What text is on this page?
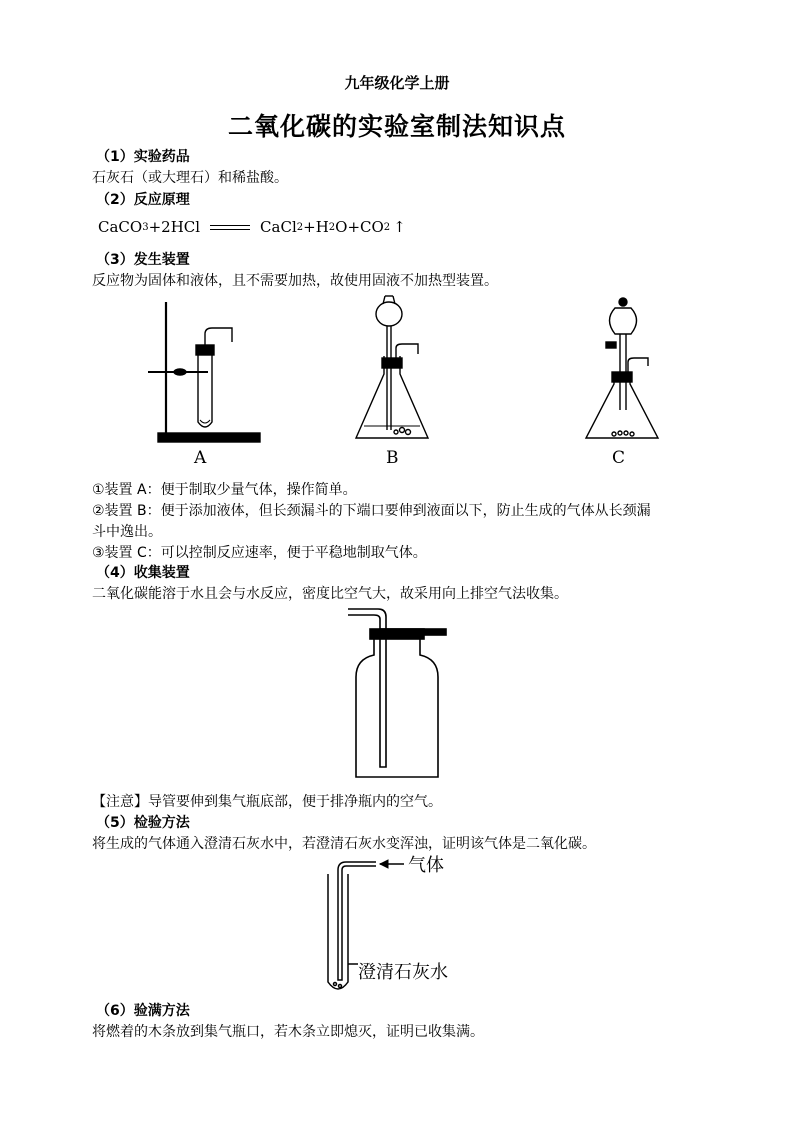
九年级化学上册
二氧化碳的实验室制法知识点
（1）实验药品
石灰石（或大理石）和稀盐酸。
（2）反应原理
CaCO 3 +2HCl	CaCl 2 +H 2 O+CO 2 ↑
（3）发生装置
反应物为固体和液体，且不需要加热，故使用固液不加热型装置。
A	B	C
①装置 A：便于制取少量气体，操作简单。
②装置 B：便于添加液体，但长颈漏斗的下端口要伸到液面以下，防止生成的气体从长颈漏
斗中逸出。
③装置 C：可以控制反应速率，便于平稳地制取气体。
（4）收集装置
二氧化碳能溶于水且会与水反应，密度比空气大，故采用向上排空气法收集。
【注意】导管要伸到集气瓶底部，便于排净瓶内的空气。
（5）检验方法
将生成的气体通入澄清石灰水中，若澄清石灰水变浑浊，证明该气体是二氧化碳。
气体
澄清石灰水
（6）验满方法
将燃着的木条放到集气瓶口，若木条立即熄灭，证明已收集满。
